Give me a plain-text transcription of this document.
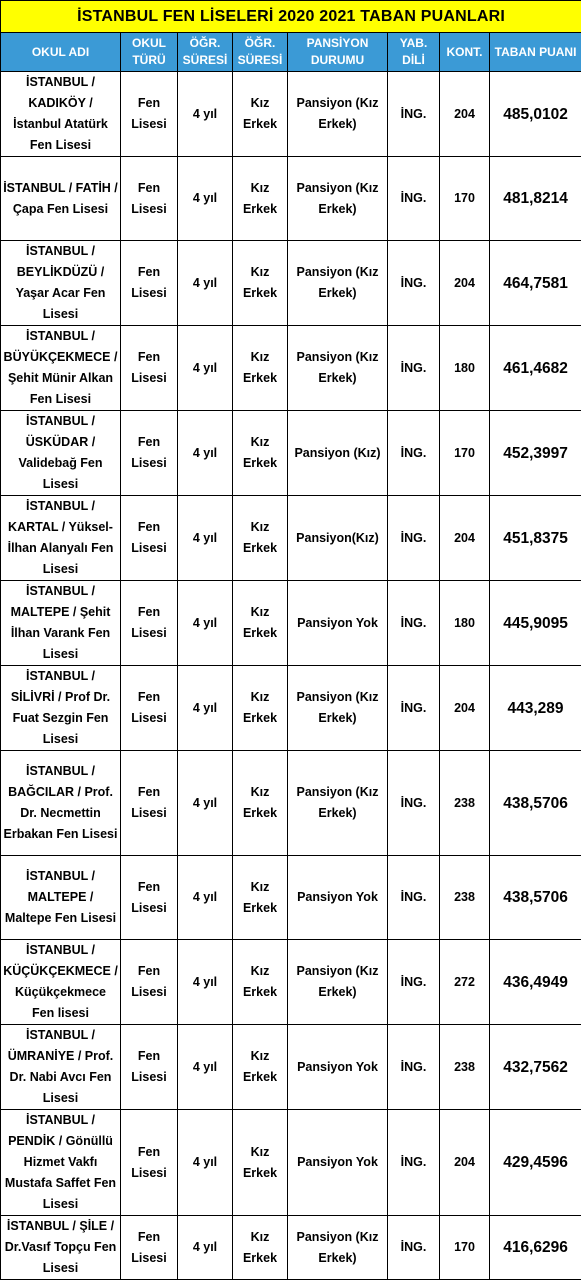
İSTANBUL FEN LİSELERİ 2020 2021 TABAN PUANLARI							
OKUL ADI	OKUL TÜRÜ	ÖĞR. SÜRESİ	ÖĞR. SÜRESİ	PANSİYON DURUMU	YAB. DİLİ	KONT.	TABAN PUANI
İSTANBUL / KADIKÖY / İstanbul Atatürk Fen Lisesi	Fen Lisesi	4 yıl	Kız Erkek	Pansiyon (Kız Erkek)	İNG.	204	485,0102
İSTANBUL / FATİH / Çapa Fen Lisesi	Fen Lisesi	4 yıl	Kız Erkek	Pansiyon (Kız Erkek)	İNG.	170	481,8214
İSTANBUL / BEYLİKDÜZÜ / Yaşar Acar Fen Lisesi	Fen Lisesi	4 yıl	Kız Erkek	Pansiyon (Kız Erkek)	İNG.	204	464,7581
İSTANBUL / BÜYÜKÇEKMECE / Şehit Münir Alkan Fen Lisesi	Fen Lisesi	4 yıl	Kız Erkek	Pansiyon (Kız Erkek)	İNG.	180	461,4682
İSTANBUL / ÜSKÜDAR / Validebağ Fen Lisesi	Fen Lisesi	4 yıl	Kız Erkek	Pansiyon (Kız)	İNG.	170	452,3997
İSTANBUL / KARTAL / Yüksel-İlhan Alanyalı Fen Lisesi	Fen Lisesi	4 yıl	Kız Erkek	Pansiyon(Kız)	İNG.	204	451,8375
İSTANBUL / MALTEPE / Şehit İlhan Varank Fen Lisesi	Fen Lisesi	4 yıl	Kız Erkek	Pansiyon Yok	İNG.	180	445,9095
İSTANBUL / SİLİVRİ / Prof Dr. Fuat Sezgin Fen Lisesi	Fen Lisesi	4 yıl	Kız Erkek	Pansiyon (Kız Erkek)	İNG.	204	443,289
İSTANBUL / BAĞCILAR / Prof. Dr. Necmettin Erbakan Fen Lisesi	Fen Lisesi	4 yıl	Kız Erkek	Pansiyon (Kız Erkek)	İNG.	238	438,5706
İSTANBUL / MALTEPE / Maltepe Fen Lisesi	Fen Lisesi	4 yıl	Kız Erkek	Pansiyon Yok	İNG.	238	438,5706
İSTANBUL / KÜÇÜKÇEKMECE / Küçükçekmece Fen lisesi	Fen Lisesi	4 yıl	Kız Erkek	Pansiyon (Kız Erkek)	İNG.	272	436,4949
İSTANBUL / ÜMRANİYE / Prof. Dr. Nabi Avcı Fen Lisesi	Fen Lisesi	4 yıl	Kız Erkek	Pansiyon Yok	İNG.	238	432,7562
İSTANBUL / PENDİK / Gönüllü Hizmet Vakfı Mustafa Saffet Fen Lisesi	Fen Lisesi	4 yıl	Kız Erkek	Pansiyon Yok	İNG.	204	429,4596
İSTANBUL / ŞİLE / Dr.Vasıf Topçu Fen Lisesi	Fen Lisesi	4 yıl	Kız Erkek	Pansiyon (Kız Erkek)	İNG.	170	416,6296
